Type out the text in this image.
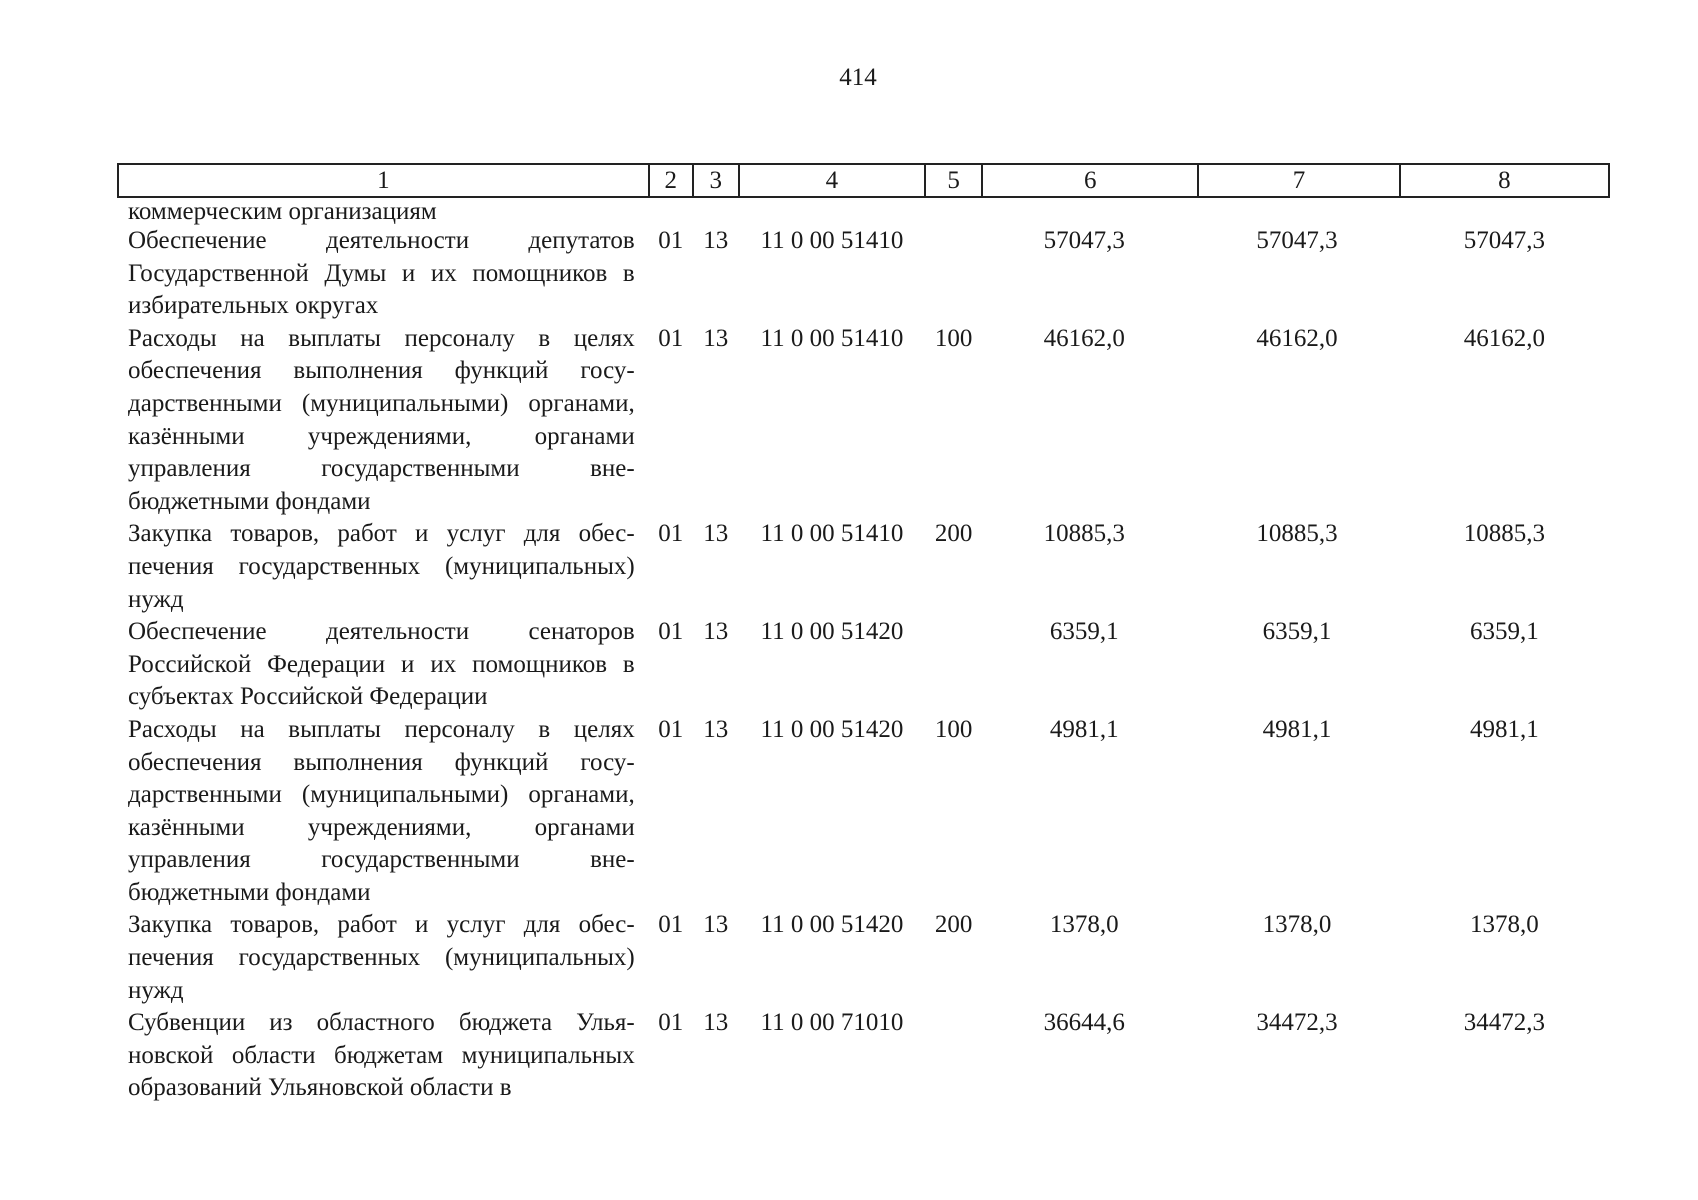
414
1	2	3	4	5	6	7	8
коммерческим организациям							
Обеспечение деятельности депутатов Государственной Думы и их помощников в избирательных округах	01	13	11 0 00 51410		57047,3	57047,3	57047,3
Расходы на выплаты персоналу в целях обеспечения выполнения функций государственными (муниципальными) органами, казёнными учреждениями, органами управления государственными внебюджетными фондами	01	13	11 0 00 51410	100	46162,0	46162,0	46162,0
Закупка товаров, работ и услуг для обеспечения государственных (муниципальных) нужд	01	13	11 0 00 51410	200	10885,3	10885,3	10885,3
Обеспечение деятельности сенаторов Российской Федерации и их помощников в субъектах Российской Федерации	01	13	11 0 00 51420		6359,1	6359,1	6359,1
Расходы на выплаты персоналу в целях обеспечения выполнения функций государственными (муниципальными) органами, казёнными учреждениями, органами управления государственными внебюджетными фондами	01	13	11 0 00 51420	100	4981,1	4981,1	4981,1
Закупка товаров, работ и услуг для обеспечения государственных (муниципальных) нужд	01	13	11 0 00 51420	200	1378,0	1378,0	1378,0
Субвенции из областного бюджета Ульяновской области бюджетам муниципальных образований Ульяновской области в	01	13	11 0 00 71010		36644,6	34472,3	34472,3
